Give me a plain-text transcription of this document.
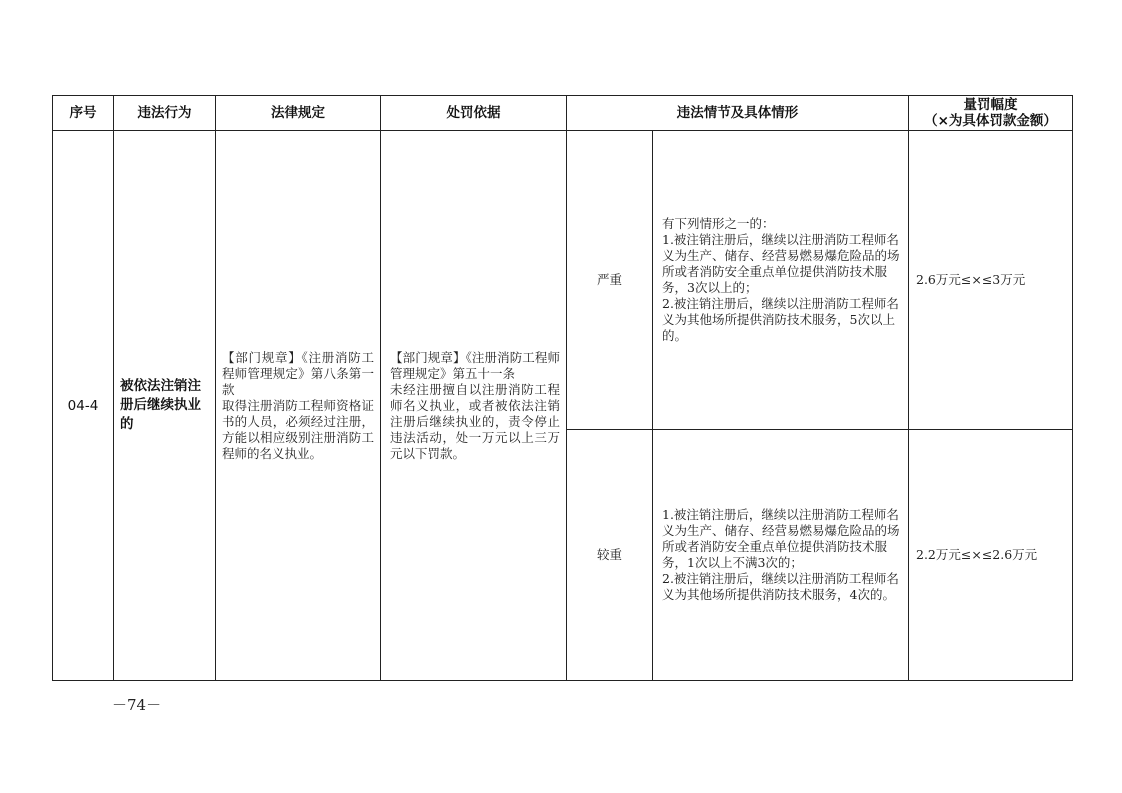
序号	违法行为	法律规定	处罚依据	违法情节及具体情形		量罚幅度
（×为具体罚款金额）

04-4	被依法注销注册后继续执业的	【部门规章】《注册消防工程师管理规定》第八条第一款
取得注册消防工程师资格证书的人员，必须经过注册，方能以相应级别注册消防工程师的名义执业。	【部门规章】《注册消防工程师管理规定》第五十一条
未经注册擅自以注册消防工程师名义执业，或者被依法注销注册后继续执业的，责令停止违法活动，处一万元以上三万元以下罚款。	严重	有下列情形之一的：
1.被注销注册后，继续以注册消防工程师名义为生产、储存、经营易燃易爆危险品的场所或者消防安全重点单位提供消防技术服务，3次以上的；
2.被注销注册后，继续以注册消防工程师名义为其他场所提供消防技术服务，5次以上的。	2.6万元≤×≤3万元
				较重	1.被注销注册后，继续以注册消防工程师名义为生产、储存、经营易燃易爆危险品的场所或者消防安全重点单位提供消防技术服务，1次以上不满3次的；
2.被注销注册后，继续以注册消防工程师名义为其他场所提供消防技术服务，4次的。	2.2万元≤×≤2.6万元
－74－
